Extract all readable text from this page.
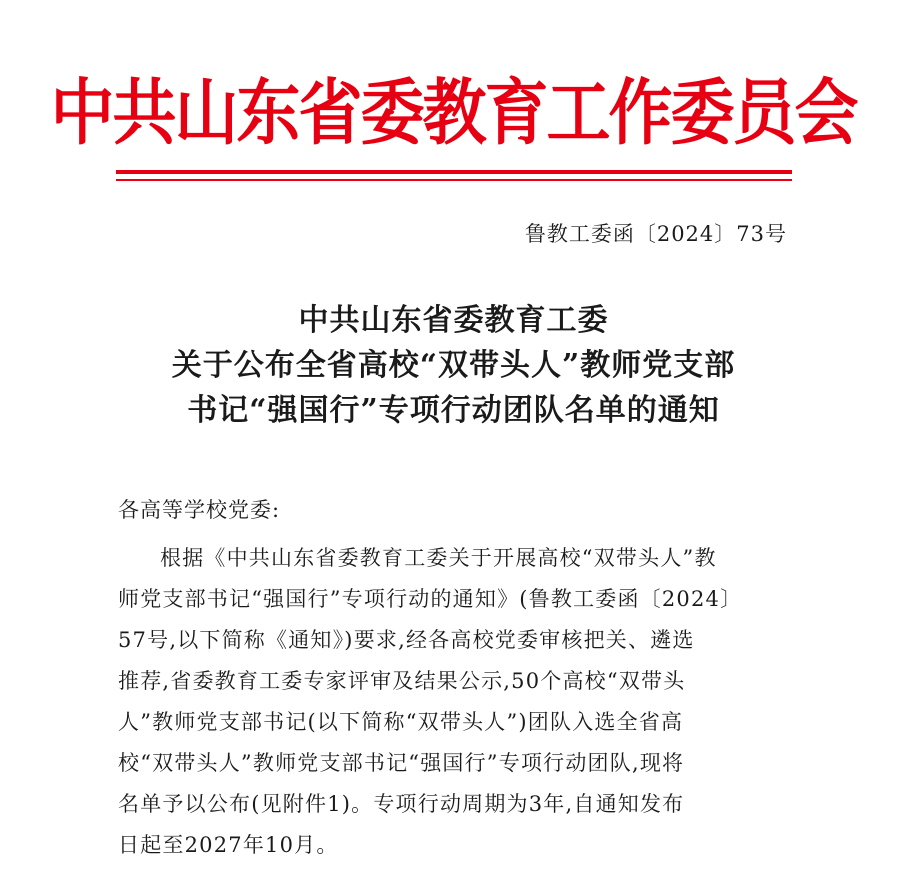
中共山东省委教育工作委员会
鲁教工委函〔2024〕73号
中共山东省委教育工委
关于公布全省高校“双带头人”教师党支部
书记“强国行”专项行动团队名单的通知
各高等学校党委:
根据《中共山东省委教育工委关于开展高校“双带头人”教
师党支部书记“强国行”专项行动的通知》(鲁教工委函〔2024〕
57号,以下简称《通知》)要求,经各高校党委审核把关、遴选
推荐,省委教育工委专家评审及结果公示,50个高校“双带头
人”教师党支部书记(以下简称“双带头人”)团队入选全省高
校“双带头人”教师党支部书记“强国行”专项行动团队,现将
名单予以公布(见附件1)。专项行动周期为3年,自通知发布
日起至2027年10月。
